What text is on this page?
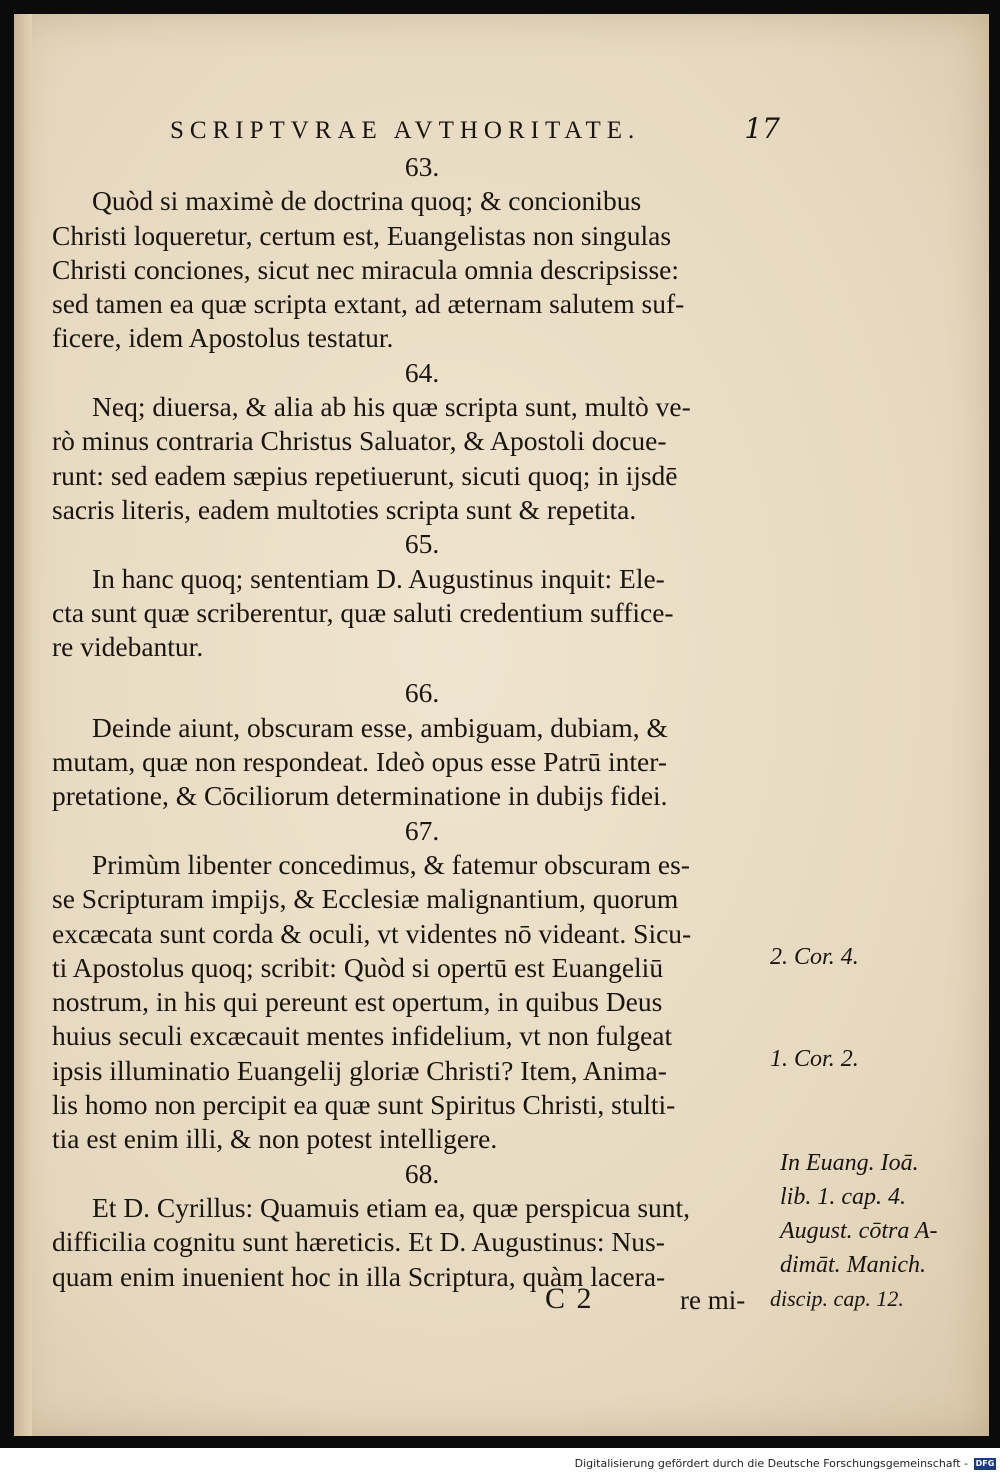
SCRIPTVRAE AVTHORITATE.	17
63.
Quòd si maximè de doctrina quoq; & concionibus
Christi loqueretur, certum est, Euangelistas non singulas
Christi conciones, sicut nec miracula omnia descripsisse:
sed tamen ea quæ scripta extant, ad æternam salutem suf-
ficere, idem Apostolus testatur.
64.
Neq; diuersa, & alia ab his quæ scripta sunt, multò ve-
rò minus contraria Christus Saluator, & Apostoli docue-
runt: sed eadem sæpius repetiuerunt, sicuti quoq; in ijsdē
sacris literis, eadem multoties scripta sunt & repetita.
65.
In hanc quoq; sententiam D. Augustinus inquit: Ele-
cta sunt quæ scriberentur, quæ saluti credentium suffice-
re videbantur.
66.
Deinde aiunt, obscuram esse, ambiguam, dubiam, &
mutam, quæ non respondeat. Ideò opus esse Patrū inter-
pretatione, & Cōciliorum determinatione in dubijs fidei.
67.
Primùm libenter concedimus, & fatemur obscuram es-
se Scripturam impijs, & Ecclesiæ malignantium, quorum
excæcata sunt corda & oculi, vt videntes nō videant. Sicu-
ti Apostolus quoq; scribit: Quòd si opertū est Euangeliū
nostrum, in his qui pereunt est opertum, in quibus Deus
huius seculi excæcauit mentes infidelium, vt non fulgeat
ipsis illuminatio Euangelij gloriæ Christi? Item, Anima-
lis homo non percipit ea quæ sunt Spiritus Christi, stulti-
tia est enim illi, & non potest intelligere.
68.
Et D. Cyrillus: Quamuis etiam ea, quæ perspicua sunt,
difficilia cognitu sunt hæreticis. Et D. Augustinus: Nus-
quam enim inuenient hoc in illa Scriptura, quàm lacera-
2. Cor. 4.
1. Cor. 2.
In Euang. Ioā.
lib. 1. cap. 4.
August. cōtra A-
dimāt. Manich.
discip. cap. 12.
C 2	re mi-
Digitalisierung gefördert durch die Deutsche Forschungsgemeinschaft - DFG
